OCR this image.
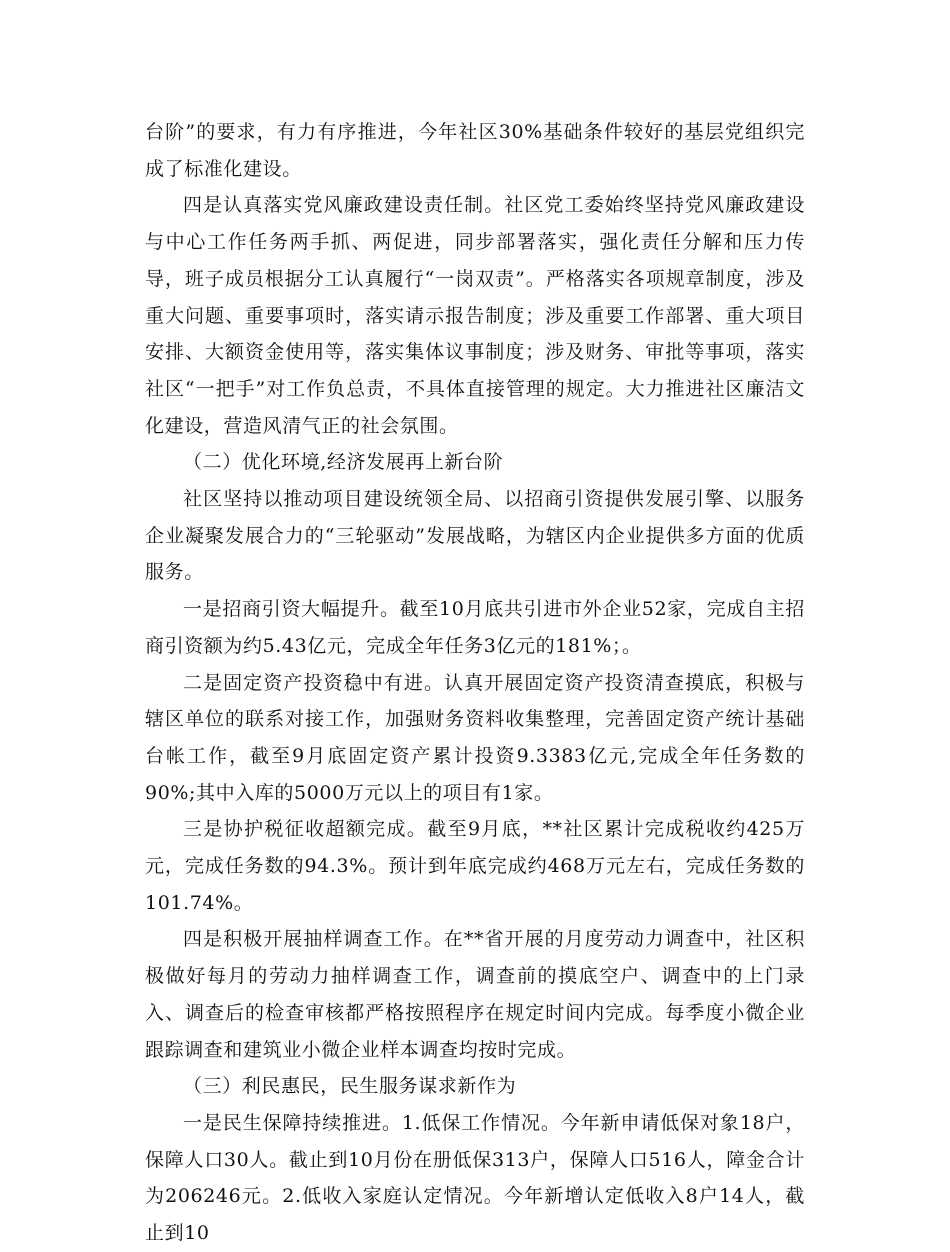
台阶”的要求，有力有序推进，今年社区30%基础条件较好的基层党组织完成了标准化建设。

四是认真落实党风廉政建设责任制。社区党工委始终坚持党风廉政建设与中心工作任务两手抓、两促进，同步部署落实，强化责任分解和压力传导，班子成员根据分工认真履行“一岗双责”。严格落实各项规章制度，涉及重大问题、重要事项时，落实请示报告制度；涉及重要工作部署、重大项目安排、大额资金使用等，落实集体议事制度；涉及财务、审批等事项，落实社区“一把手”对工作负总责，不具体直接管理的规定。大力推进社区廉洁文化建设，营造风清气正的社会氛围。

（二）优化环境,经济发展再上新台阶

社区坚持以推动项目建设统领全局、以招商引资提供发展引擎、以服务企业凝聚发展合力的“三轮驱动”发展战略，为辖区内企业提供多方面的优质服务。

一是招商引资大幅提升。截至10月底共引进市外企业52家，完成自主招商引资额为约5.43亿元，完成全年任务3亿元的181%；。

二是固定资产投资稳中有进。认真开展固定资产投资清查摸底，积极与辖区单位的联系对接工作，加强财务资料收集整理，完善固定资产统计基础台帐工作，截至9月底固定资产累计投资9.3383亿元,完成全年任务数的90%;其中入库的5000万元以上的项目有1家。

三是协护税征收超额完成。截至9月底，**社区累计完成税收约425万元，完成任务数的94.3%。预计到年底完成约468万元左右，完成任务数的101.74%。

四是积极开展抽样调查工作。在**省开展的月度劳动力调查中，社区积极做好每月的劳动力抽样调查工作，调查前的摸底空户、调查中的上门录入、调查后的检查审核都严格按照程序在规定时间内完成。每季度小微企业跟踪调查和建筑业小微企业样本调查均按时完成。

（三）利民惠民，民生服务谋求新作为

一是民生保障持续推进。1.低保工作情况。今年新申请低保对象18户，保障人口30人。截止到10月份在册低保313户，保障人口516人，障金合计为206246元。2.低收入家庭认定情况。今年新增认定低收入8户14人，截止到10
